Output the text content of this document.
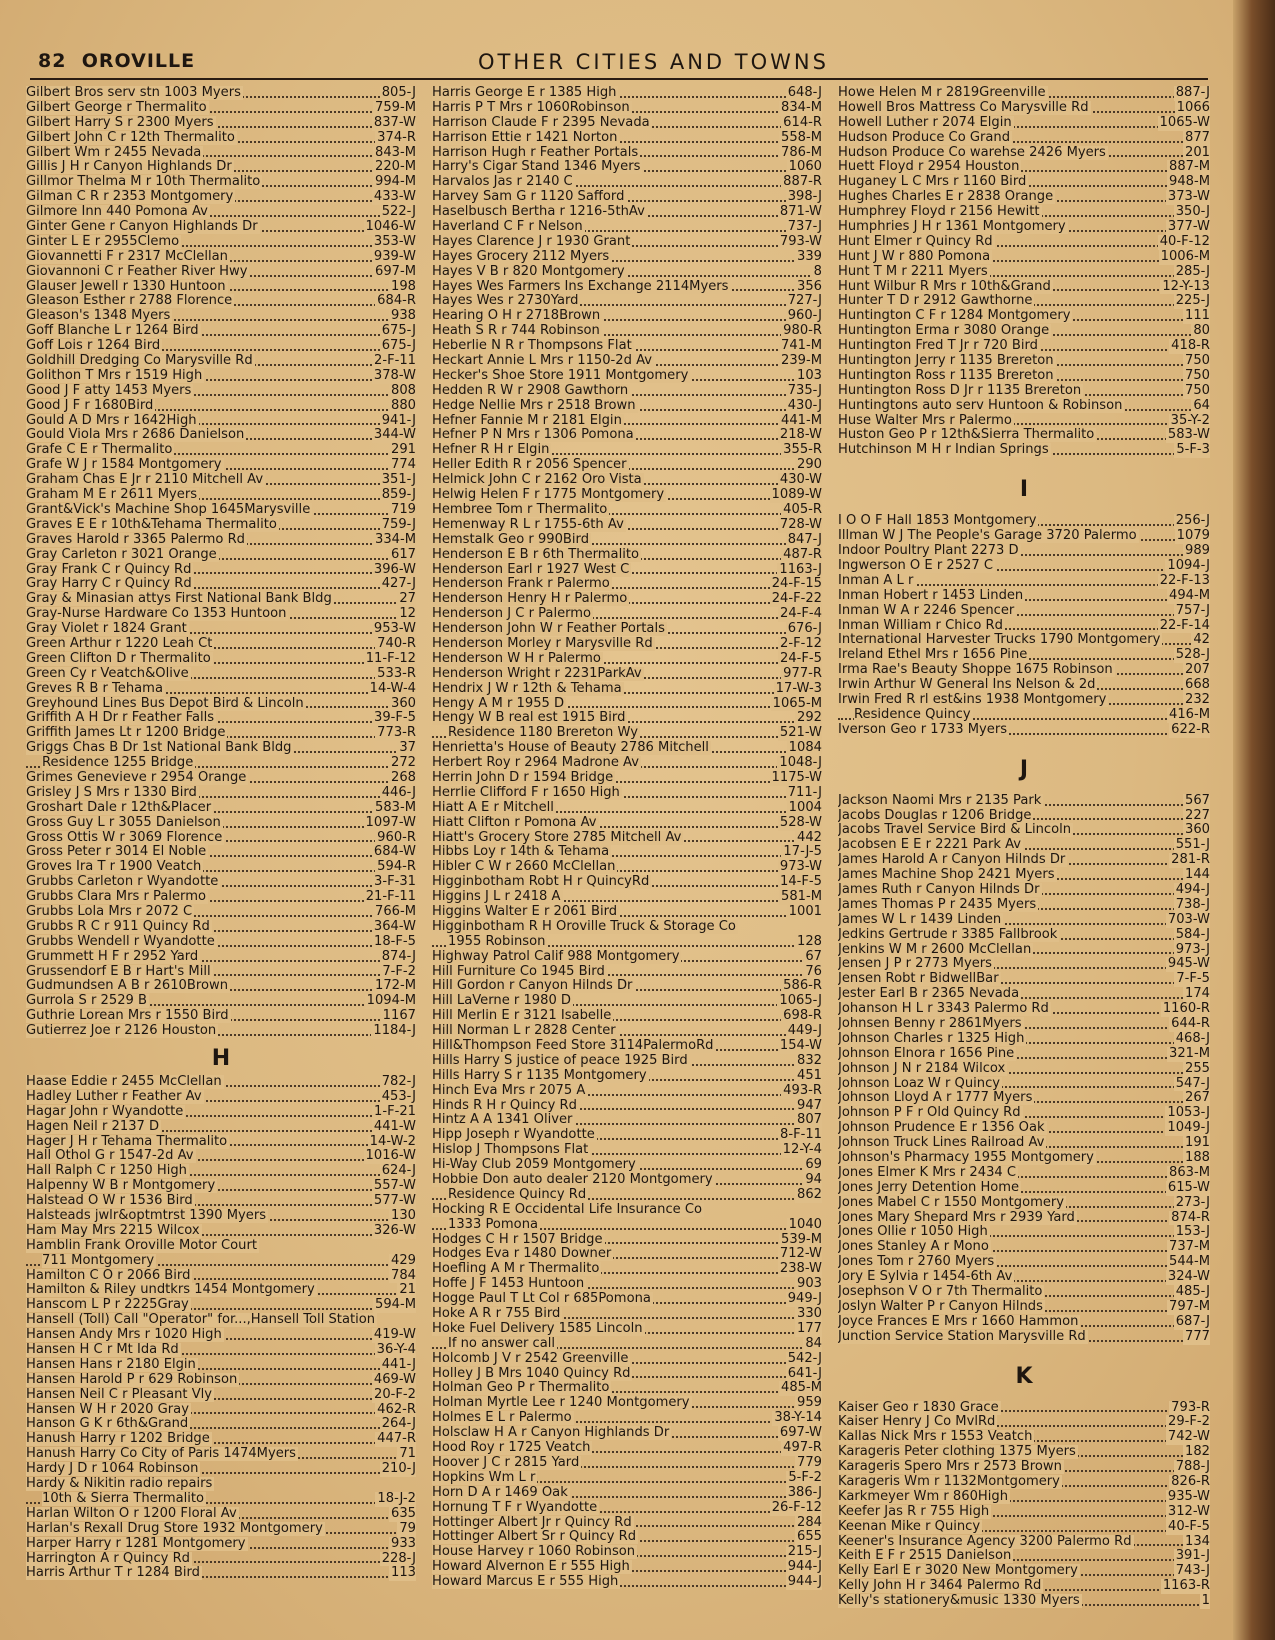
82 OROVILLE	OTHER CITIES AND TOWNS
Gilbert Bros serv stn 1003 Myers	805-J
Gilbert George r Thermalito	759-M
Gilbert Harry S r 2300 Myers	837-W
Gilbert John C r 12th Thermalito	374-R
Gilbert Wm r 2455 Nevada	843-M
Gillis J H r Canyon Highlands Dr	220-M
Gillmor Thelma M r 10th Thermalito	994-M
Gilman C R r 2353 Montgomery	433-W
Gilmore Inn 440 Pomona Av	522-J
Ginter Gene r Canyon Highlands Dr	1046-W
Ginter L E r 2955Clemo	353-W
Giovannetti F r 2317 McClellan	939-W
Giovannoni C r Feather River Hwy	697-M
Glauser Jewell r 1330 Huntoon	198
Gleason Esther r 2788 Florence	684-R
Gleason's 1348 Myers	938
Goff Blanche L r 1264 Bird	675-J
Goff Lois r 1264 Bird	675-J
Goldhill Dredging Co Marysville Rd	2-F-11
Golithon T Mrs r 1519 High	378-W
Good J F atty 1453 Myers	808
Good J F r 1680Bird	880
Gould A D Mrs r 1642High	941-J
Gould Viola Mrs r 2686 Danielson	344-W
Grafe C E r Thermalito	291
Grafe W J r 1584 Montgomery	774
Graham Chas E Jr r 2110 Mitchell Av	351-J
Graham M E r 2611 Myers	859-J
Grant&Vick's Machine Shop 1645Marysville	719
Graves E E r 10th&Tehama Thermalito	759-J
Graves Harold r 3365 Palermo Rd	334-M
Gray Carleton r 3021 Orange	617
Gray Frank C r Quincy Rd	396-W
Gray Harry C r Quincy Rd	427-J
Gray & Minasian attys First National Bank Bldg	27
Gray-Nurse Hardware Co 1353 Huntoon	12
Gray Violet r 1824 Grant	953-W
Green Arthur r 1220 Leah Ct	740-R
Green Clifton D r Thermalito	11-F-12
Green Cy r Veatch&Olive	533-R
Greves R B r Tehama	14-W-4
Greyhound Lines Bus Depot Bird & Lincoln	360
Griffith A H Dr r Feather Falls	39-F-5
Griffith James Lt r 1200 Bridge	773-R
Griggs Chas B Dr 1st National Bank Bldg	37
Residence 1255 Bridge	272
Grimes Genevieve r 2954 Orange	268
Grisley J S Mrs r 1330 Bird	446-J
Groshart Dale r 12th&Placer	583-M
Gross Guy L r 3055 Danielson	1097-W
Gross Ottis W r 3069 Florence	960-R
Gross Peter r 3014 El Noble	684-W
Groves Ira T r 1900 Veatch	594-R
Grubbs Carleton r Wyandotte	3-F-31
Grubbs Clara Mrs r Palermo	21-F-11
Grubbs Lola Mrs r 2072 C	766-M
Grubbs R C r 911 Quincy Rd	364-W
Grubbs Wendell r Wyandotte	18-F-5
Grummett H F r 2952 Yard	874-J
Grussendorf E B r Hart's Mill	7-F-2
Gudmundsen A B r 2610Brown	172-M
Gurrola S r 2529 B	1094-M
Guthrie Lorean Mrs r 1550 Bird	1167
Gutierrez Joe r 2126 Houston	1184-J
H
Haase Eddie r 2455 McClellan	782-J
Hadley Luther r Feather Av	453-J
Hagar John r Wyandotte	1-F-21
Hagen Neil r 2137 D	441-W
Hager J H r Tehama Thermalito	14-W-2
Hall Othol G r 1547-2d Av	1016-W
Hall Ralph C r 1250 High	624-J
Halpenny W B r Montgomery	557-W
Halstead O W r 1536 Bird	577-W
Halsteads jwlr&optmtrst 1390 Myers	130
Ham May Mrs 2215 Wilcox	326-W
Hamblin Frank Oroville Motor Court
711 Montgomery	429
Hamilton C O r 2066 Bird	784
Hamilton & Riley undtkrs 1454 Montgomery	21
Hanscom L P r 2225Gray	594-M
Hansell (Toll) Call "Operator" for...,Hansell Toll Station
Hansen Andy Mrs r 1020 High	419-W
Hansen H C r Mt Ida Rd	36-Y-4
Hansen Hans r 2180 Elgin	441-J
Hansen Harold P r 629 Robinson	469-W
Hansen Neil C r Pleasant Vly	20-F-2
Hansen W H r 2020 Gray	462-R
Hanson G K r 6th&Grand	264-J
Hanush Harry r 1202 Bridge	447-R
Hanush Harry Co City of Paris 1474Myers	71
Hardy J D r 1064 Robinson	210-J
Hardy & Nikitin radio repairs
10th & Sierra Thermalito	18-J-2
Harlan Wilton O r 1200 Floral Av	635
Harlan's Rexall Drug Store 1932 Montgomery	79
Harper Harry r 1281 Montgomery	933
Harrington A r Quincy Rd	228-J
Harris Arthur T r 1284 Bird	113
Harris George E r 1385 High	648-J
Harris P T Mrs r 1060Robinson	834-M
Harrison Claude F r 2395 Nevada	614-R
Harrison Ettie r 1421 Norton	558-M
Harrison Hugh r Feather Portals	786-M
Harry's Cigar Stand 1346 Myers	1060
Harvalos Jas r 2140 C	887-R
Harvey Sam G r 1120 Safford	398-J
Haselbusch Bertha r 1216-5thAv	871-W
Haverland C F r Nelson	737-J
Hayes Clarence J r 1930 Grant	793-W
Hayes Grocery 2112 Myers	339
Hayes V B r 820 Montgomery	8
Hayes Wes Farmers Ins Exchange 2114Myers	356
Hayes Wes r 2730Yard	727-J
Hearing O H r 2718Brown	960-J
Heath S R r 744 Robinson	980-R
Heberlie N R r Thompsons Flat	741-M
Heckart Annie L Mrs r 1150-2d Av	239-M
Hecker's Shoe Store 1911 Montgomery	103
Hedden R W r 2908 Gawthorn	735-J
Hedge Nellie Mrs r 2518 Brown	430-J
Hefner Fannie M r 2181 Elgin	441-M
Hefner P N Mrs r 1306 Pomona	218-W
Hefner R H r Elgin	355-R
Heller Edith R r 2056 Spencer	290
Helmick John C r 2162 Oro Vista	430-W
Helwig Helen F r 1775 Montgomery	1089-W
Hembree Tom r Thermalito	405-R
Hemenway R L r 1755-6th Av	728-W
Hemstalk Geo r 990Bird	847-J
Henderson E B r 6th Thermalito	487-R
Henderson Earl r 1927 West C	1163-J
Henderson Frank r Palermo	24-F-15
Henderson Henry H r Palermo	24-F-22
Henderson J C r Palermo	24-F-4
Henderson John W r Feather Portals	676-J
Henderson Morley r Marysville Rd	2-F-12
Henderson W H r Palermo	24-F-5
Henderson Wright r 2231ParkAv	977-R
Hendrix J W r 12th & Tehama	17-W-3
Hengy A M r 1955 D	1065-M
Hengy W B real est 1915 Bird	292
Residence 1180 Brereton Wy	521-W
Henrietta's House of Beauty 2786 Mitchell	1084
Herbert Roy r 2964 Madrone Av	1048-J
Herrin John D r 1594 Bridge	1175-W
Herrlie Clifford F r 1650 High	711-J
Hiatt A E r Mitchell	1004
Hiatt Clifton r Pomona Av	528-W
Hiatt's Grocery Store 2785 Mitchell Av	442
Hibbs Loy r 14th & Tehama	17-J-5
Hibler C W r 2660 McClellan	973-W
Higginbotham Robt H r QuincyRd	14-F-5
Higgins J L r 2418 A	581-M
Higgins Walter E r 2061 Bird	1001
Higginbotham R H Oroville Truck & Storage Co
1955 Robinson	128
Highway Patrol Calif 988 Montgomery	67
Hill Furniture Co 1945 Bird	76
Hill Gordon r Canyon Hilnds Dr	586-R
Hill LaVerne r 1980 D	1065-J
Hill Merlin E r 3121 Isabelle	698-R
Hill Norman L r 2828 Center	449-J
Hill&Thompson Feed Store 3114PalermoRd	154-W
Hills Harry S justice of peace 1925 Bird	832
Hills Harry S r 1135 Montgomery	451
Hinch Eva Mrs r 2075 A	493-R
Hinds R H r Quincy Rd	947
Hintz A A 1341 Oliver	807
Hipp Joseph r Wyandotte	8-F-11
Hislop J Thompsons Flat	12-Y-4
Hi-Way Club 2059 Montgomery	69
Hobbie Don auto dealer 2120 Montgomery	94
Residence Quincy Rd	862
Hocking R E Occidental Life Insurance Co
1333 Pomona	1040
Hodges C H r 1507 Bridge	539-M
Hodges Eva r 1480 Downer	712-W
Hoefling A M r Thermalito	238-W
Hoffe J F 1453 Huntoon	903
Hogge Paul T Lt Col r 685Pomona	949-J
Hoke A R r 755 Bird	330
Hoke Fuel Delivery 1585 Lincoln	177
If no answer call	84
Holcomb J V r 2542 Greenville	542-J
Holley J B Mrs 1040 Quincy Rd	641-J
Holman Geo P r Thermalito	485-M
Holman Myrtle Lee r 1240 Montgomery	959
Holmes E L r Palermo	38-Y-14
Holsclaw H A r Canyon Highlands Dr	697-W
Hood Roy r 1725 Veatch	497-R
Hoover J C r 2815 Yard	779
Hopkins Wm L r	5-F-2
Horn D A r 1469 Oak	386-J
Hornung T F r Wyandotte	26-F-12
Hottinger Albert Jr r Quincy Rd	284
Hottinger Albert Sr r Quincy Rd	655
House Harvey r 1060 Robinson	215-J
Howard Alvernon E r 555 High	944-J
Howard Marcus E r 555 High	944-J
Howe Helen M r 2819Greenville	887-J
Howell Bros Mattress Co Marysville Rd	1066
Howell Luther r 2074 Elgin	1065-W
Hudson Produce Co Grand	877
Hudson Produce Co warehse 2426 Myers	201
Huett Floyd r 2954 Houston	887-M
Huganey L C Mrs r 1160 Bird	948-M
Hughes Charles E r 2838 Orange	373-W
Humphrey Floyd r 2156 Hewitt	350-J
Humphries J H r 1361 Montgomery	377-W
Hunt Elmer r Quincy Rd	40-F-12
Hunt J W r 880 Pomona	1006-M
Hunt T M r 2211 Myers	285-J
Hunt Wilbur R Mrs r 10th&Grand	12-Y-13
Hunter T D r 2912 Gawthorne	225-J
Huntington C F r 1284 Montgomery	111
Huntington Erma r 3080 Orange	80
Huntington Fred T Jr r 720 Bird	418-R
Huntington Jerry r 1135 Brereton	750
Huntington Ross r 1135 Brereton	750
Huntington Ross D Jr r 1135 Brereton	750
Huntingtons auto serv Huntoon & Robinson	64
Huse Walter Mrs r Palermo	35-Y-2
Huston Geo P r 12th&Sierra Thermalito	583-W
Hutchinson M H r Indian Springs	5-F-3
I
I O O F Hall 1853 Montgomery	256-J
Illman W J The People's Garage 3720 Palermo	1079
Indoor Poultry Plant 2273 D	989
Ingwerson O E r 2527 C	1094-J
Inman A L r	22-F-13
Inman Hobert r 1453 Linden	494-M
Inman W A r 2246 Spencer	757-J
Inman William r Chico Rd	22-F-14
International Harvester Trucks 1790 Montgomery	42
Ireland Ethel Mrs r 1656 Pine	528-J
Irma Rae's Beauty Shoppe 1675 Robinson	207
Irwin Arthur W General Ins Nelson & 2d	668
Irwin Fred R rl est&ins 1938 Montgomery	232
Residence Quincy	416-M
Iverson Geo r 1733 Myers	622-R
J
Jackson Naomi Mrs r 2135 Park	567
Jacobs Douglas r 1206 Bridge	227
Jacobs Travel Service Bird & Lincoln	360
Jacobsen E E r 2221 Park Av	551-J
James Harold A r Canyon Hilnds Dr	281-R
James Machine Shop 2421 Myers	144
James Ruth r Canyon Hilnds Dr	494-J
James Thomas P r 2435 Myers	738-J
James W L r 1439 Linden	703-W
Jedkins Gertrude r 3385 Fallbrook	584-J
Jenkins W M r 2600 McClellan	973-J
Jensen J P r 2773 Myers	945-W
Jensen Robt r BidwellBar	7-F-5
Jester Earl B r 2365 Nevada	174
Johanson H L r 3343 Palermo Rd	1160-R
Johnsen Benny r 2861Myers	644-R
Johnson Charles r 1325 High	468-J
Johnson Elnora r 1656 Pine	321-M
Johnson J N r 2184 Wilcox	255
Johnson Loaz W r Quincy	547-J
Johnson Lloyd A r 1777 Myers	267
Johnson P F r Old Quincy Rd	1053-J
Johnson Prudence E r 1356 Oak	1049-J
Johnson Truck Lines Railroad Av	191
Johnson's Pharmacy 1955 Montgomery	188
Jones Elmer K Mrs r 2434 C	863-M
Jones Jerry Detention Home	615-W
Jones Mabel C r 1550 Montgomery	273-J
Jones Mary Shepard Mrs r 2939 Yard	874-R
Jones Ollie r 1050 High	153-J
Jones Stanley A r Mono	737-M
Jones Tom r 2760 Myers	544-M
Jory E Sylvia r 1454-6th Av	324-W
Josephson V O r 7th Thermalito	485-J
Joslyn Walter P r Canyon Hilnds	797-M
Joyce Frances E Mrs r 1660 Hammon	687-J
Junction Service Station Marysville Rd	777
K
Kaiser Geo r 1830 Grace	793-R
Kaiser Henry J Co MvlRd	29-F-2
Kallas Nick Mrs r 1553 Veatch	742-W
Karageris Peter clothing 1375 Myers	182
Karageris Spero Mrs r 2573 Brown	788-J
Karageris Wm r 1132Montgomery	826-R
Karkmeyer Wm r 860High	935-W
Keefer Jas R r 755 High	312-W
Keenan Mike r Quincy	40-F-5
Keener's Insurance Agency 3200 Palermo Rd	134
Keith E F r 2515 Danielson	391-J
Kelly Earl E r 3020 New Montgomery	743-J
Kelly John H r 3464 Palermo Rd	1163-R
Kelly's stationery&music 1330 Myers	1
